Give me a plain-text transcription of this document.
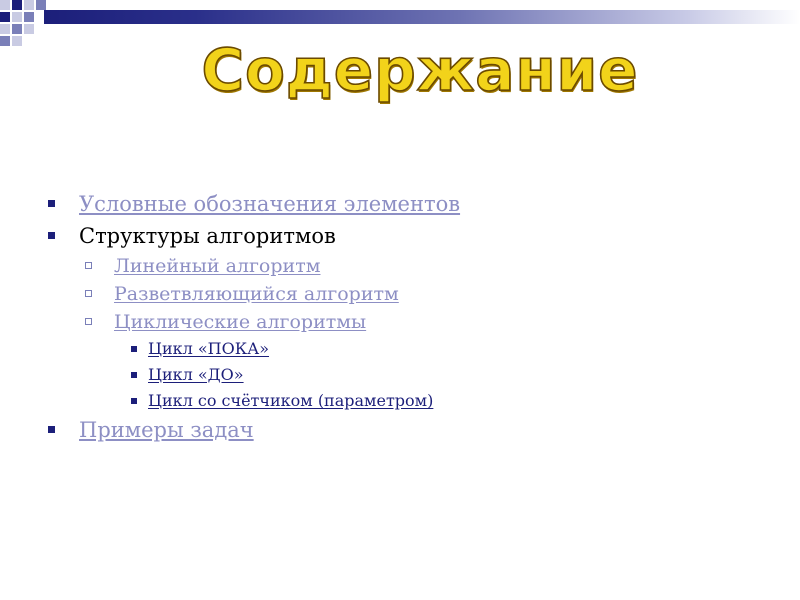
Содержание
Условные обозначения элементов
Структуры алгоритмов
Линейный алгоритм
Разветвляющийся алгоритм
Циклические алгоритмы
Цикл «ПОКА»
Цикл «ДО»
Цикл со счётчиком (параметром)
Примеры задач
